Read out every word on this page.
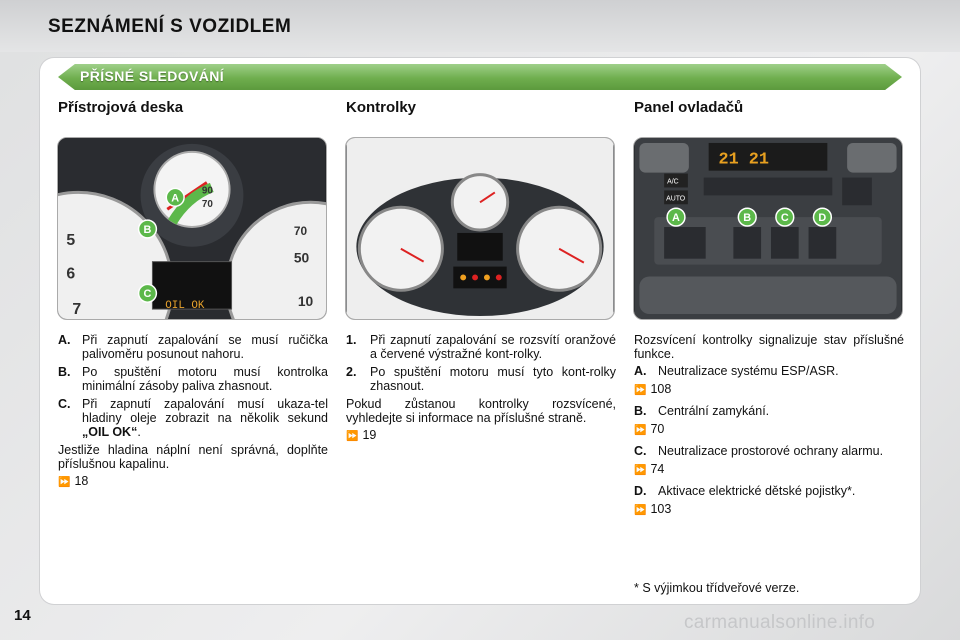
SEZNÁMENÍ S VOZIDLEM
PŘÍSNÉ SLEDOVÁNÍ
Přístrojová deska	Kontrolky	Panel ovladačů
5
6
7
70
50
10
90
70
OIL OK
A
B
C
21 21
A/C
AUTO
A	B	C	D
A. Při zapnutí zapalování se musí ručička palivoměru posunout nahoru.
B. Po spuštění motoru musí kontrolka minimální zásoby paliva zhasnout.
C. Při zapnutí zapalování musí ukaza-tel hladiny oleje zobrazit na několik sekund „OIL OK“.
Jestliže hladina náplní není správná, doplňte příslušnou kapalinu.
⏩ 18
1. Při zapnutí zapalování se rozsvítí oranžové a červené výstražné kont-rolky.
2. Po spuštění motoru musí tyto kont-rolky zhasnout.
Pokud zůstanou kontrolky rozsvícené, vyhledejte si informace na příslušné straně.
⏩ 19
Rozsvícení kontrolky signalizuje stav příslušné funkce.
A. Neutralizace systému ESP/ASR.
⏩ 108
B. Centrální zamykání.
⏩ 70
C. Neutralizace prostorové ochrany alarmu.
⏩ 74
D. Aktivace elektrické dětské pojistky*.
⏩ 103
* S výjimkou třídveřové verze.
14	carmanualsonline.info
